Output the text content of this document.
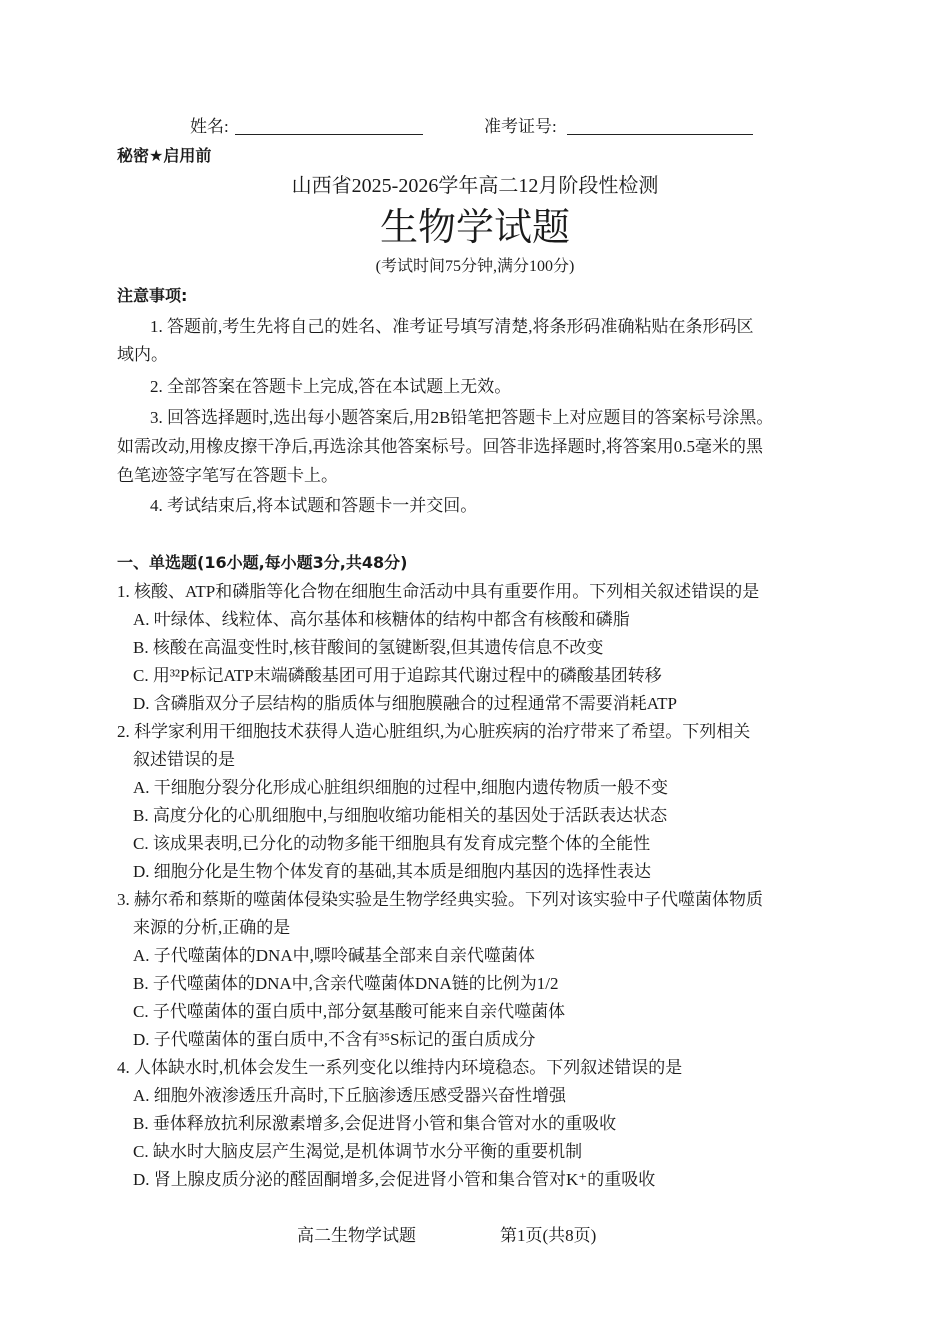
姓名:	准考证号:
秘密★启用前
山西省2025-2026学年高二12月阶段性检测
生物学试题
(考试时间75分钟,满分100分)
注意事项:
1. 答题前,考生先将自己的姓名、准考证号填写清楚,将条形码准确粘贴在条形码区
域内。
2. 全部答案在答题卡上完成,答在本试题上无效。
3. 回答选择题时,选出每小题答案后,用2B铅笔把答题卡上对应题目的答案标号涂黑。
如需改动,用橡皮擦干净后,再选涂其他答案标号。回答非选择题时,将答案用0.5毫米的黑
色笔迹签字笔写在答题卡上。
4. 考试结束后,将本试题和答题卡一并交回。
一、单选题(16小题,每小题3分,共48分)
1. 核酸、ATP和磷脂等化合物在细胞生命活动中具有重要作用。下列相关叙述错误的是
A. 叶绿体、线粒体、高尔基体和核糖体的结构中都含有核酸和磷脂
B. 核酸在高温变性时,核苷酸间的氢键断裂,但其遗传信息不改变
C. 用³²P标记ATP末端磷酸基团可用于追踪其代谢过程中的磷酸基团转移
D. 含磷脂双分子层结构的脂质体与细胞膜融合的过程通常不需要消耗ATP
2. 科学家利用干细胞技术获得人造心脏组织,为心脏疾病的治疗带来了希望。下列相关
叙述错误的是
A. 干细胞分裂分化形成心脏组织细胞的过程中,细胞内遗传物质一般不变
B. 高度分化的心肌细胞中,与细胞收缩功能相关的基因处于活跃表达状态
C. 该成果表明,已分化的动物多能干细胞具有发育成完整个体的全能性
D. 细胞分化是生物个体发育的基础,其本质是细胞内基因的选择性表达
3. 赫尔希和蔡斯的噬菌体侵染实验是生物学经典实验。下列对该实验中子代噬菌体物质
来源的分析,正确的是
A. 子代噬菌体的DNA中,嘌呤碱基全部来自亲代噬菌体
B. 子代噬菌体的DNA中,含亲代噬菌体DNA链的比例为1/2
C. 子代噬菌体的蛋白质中,部分氨基酸可能来自亲代噬菌体
D. 子代噬菌体的蛋白质中,不含有³⁵S标记的蛋白质成分
4. 人体缺水时,机体会发生一系列变化以维持内环境稳态。下列叙述错误的是
A. 细胞外液渗透压升高时,下丘脑渗透压感受器兴奋性增强
B. 垂体释放抗利尿激素增多,会促进肾小管和集合管对水的重吸收
C. 缺水时大脑皮层产生渴觉,是机体调节水分平衡的重要机制
D. 肾上腺皮质分泌的醛固酮增多,会促进肾小管和集合管对K⁺的重吸收
高二生物学试题	第1页(共8页)
